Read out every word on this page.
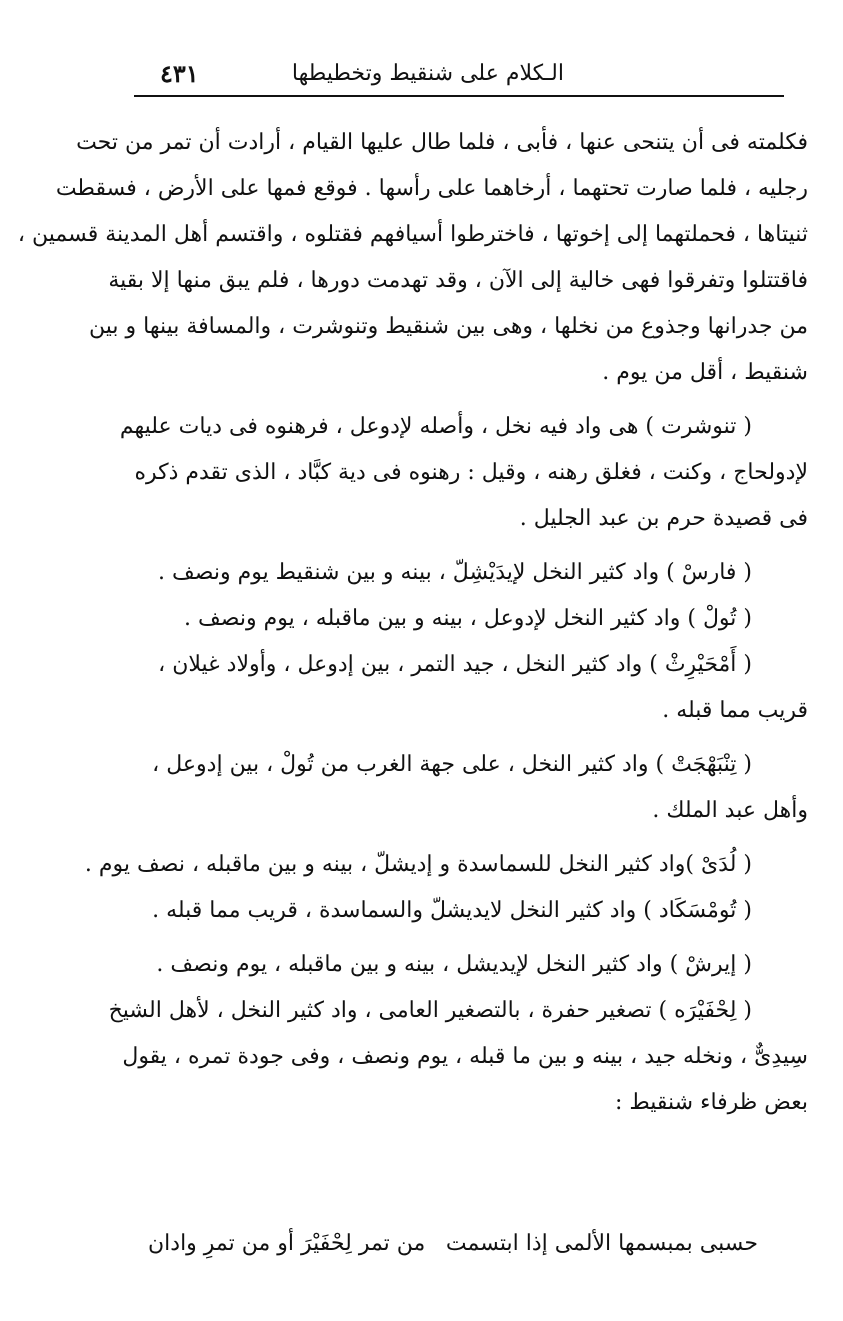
الـكلام على شنقيط وتخطيطها
٤٣١
فكلمته فى أن يتنحى عنها ، فأبى ، فلما طال عليها القيام ، أرادت أن تمر من تحت
رجليه ، فلما صارت تحتهما ، أرخاهما على رأسها . فوقع فمها على الأرض ، فسقطت
ثنيتاها ، فحملتهما إلى إخوتها ، فاخترطوا أسيافهم فقتلوه ، واقتسم أهل المدينة قسمين ،
فاقتتلوا وتفرقوا فهى خالية إلى الآن ، وقد تهدمت دورها ، فلم يبق منها إلا بقية
من جدرانها وجذوع من نخلها ، وهى بين شنقيط وتنوشرت ، والمسافة بينها و بين
شنقيط ، أقل من يوم .
( تنوشرت ) هى واد فيه نخل ، وأصله لإدوعل ، فرهنوه فى ديات عليهم
لإدولحاج ، وكنت ، فغلق رهنه ، وقيل : رهنوه فى دية كبَّاد ، الذى تقدم ذكره
فى قصيدة حرم بن عبد الجليل .
( فارسْ ) واد كثير النخل لإيدَيْشِلّ ، بينه و بين شنقيط يوم ونصف .
( تُولْ ) واد كثير النخل لإدوعل ، بينه و بين ماقبله ، يوم ونصف .
( أَمْحَيْرِثْ ) واد كثير النخل ، جيد التمر ، بين إدوعل ، وأولاد غيلان ،
قريب مما قبله .
( تِنْبَهْجَتْ ) واد كثير النخل ، على جهة الغرب من تُولْ ، بين إدوعل ،
وأهل عبد الملك .
( لُدَىْ )واد كثير النخل للسماسدة و إديشلّ ، بينه و بين ماقبله ، نصف يوم .
( تُومْسَكَاد ) واد كثير النخل لايديشلّ والسماسدة ، قريب مما قبله .
( إيرشْ ) واد كثير النخل لإيديشل ، بينه و بين ماقبله ، يوم ونصف .
( لِحْفَيْرَه ) تصغير حفرة ، بالتصغير العامى ، واد كثير النخل ، لأهل الشيخ
سِيدِىٌّ ، ونخله جيد ، بينه و بين ما قبله ، يوم ونصف ، وفى جودة تمره ، يقول
بعض ظرفاء شنقيط :
حسبى بمبسمها الألمى إذا ابتسمت
من تمر لِحْفَيْرَ أو من تمرِ وادان
